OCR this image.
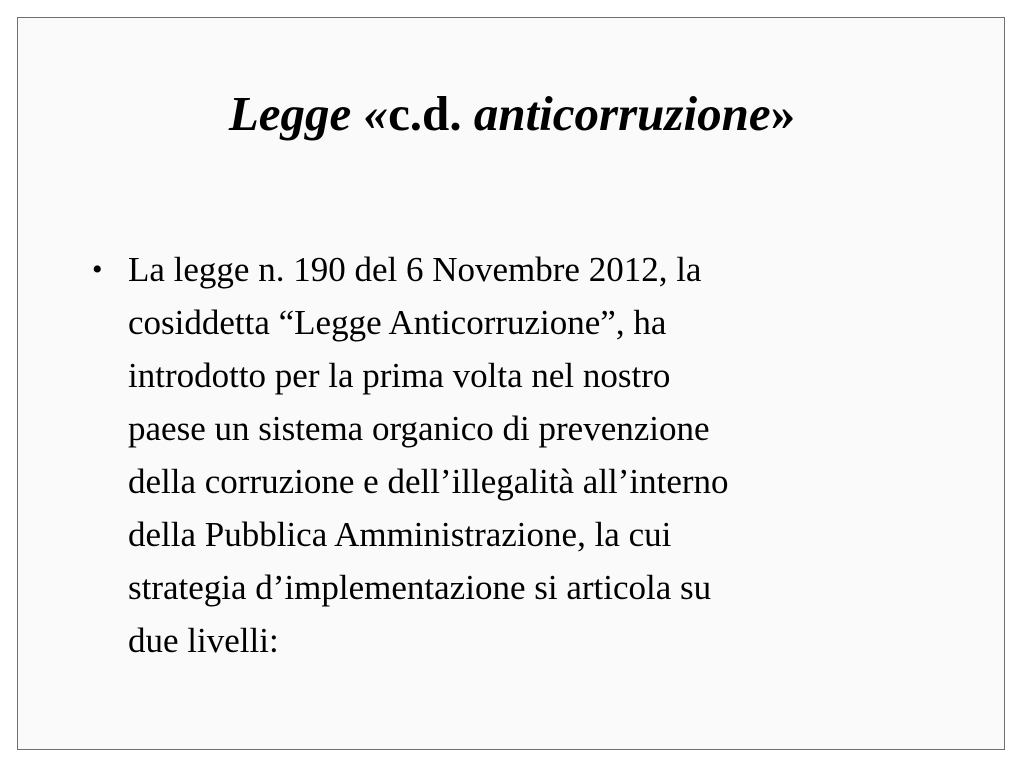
Legge «c.d. anticorruzione»
• La legge n. 190 del 6 Novembre 2012, la
cosiddetta “Legge Anticorruzione”, ha
introdotto per la prima volta nel nostro
paese un sistema organico di prevenzione
della corruzione e dell’illegalità all’interno
della Pubblica Amministrazione, la cui
strategia d’implementazione si articola su
due livelli:
